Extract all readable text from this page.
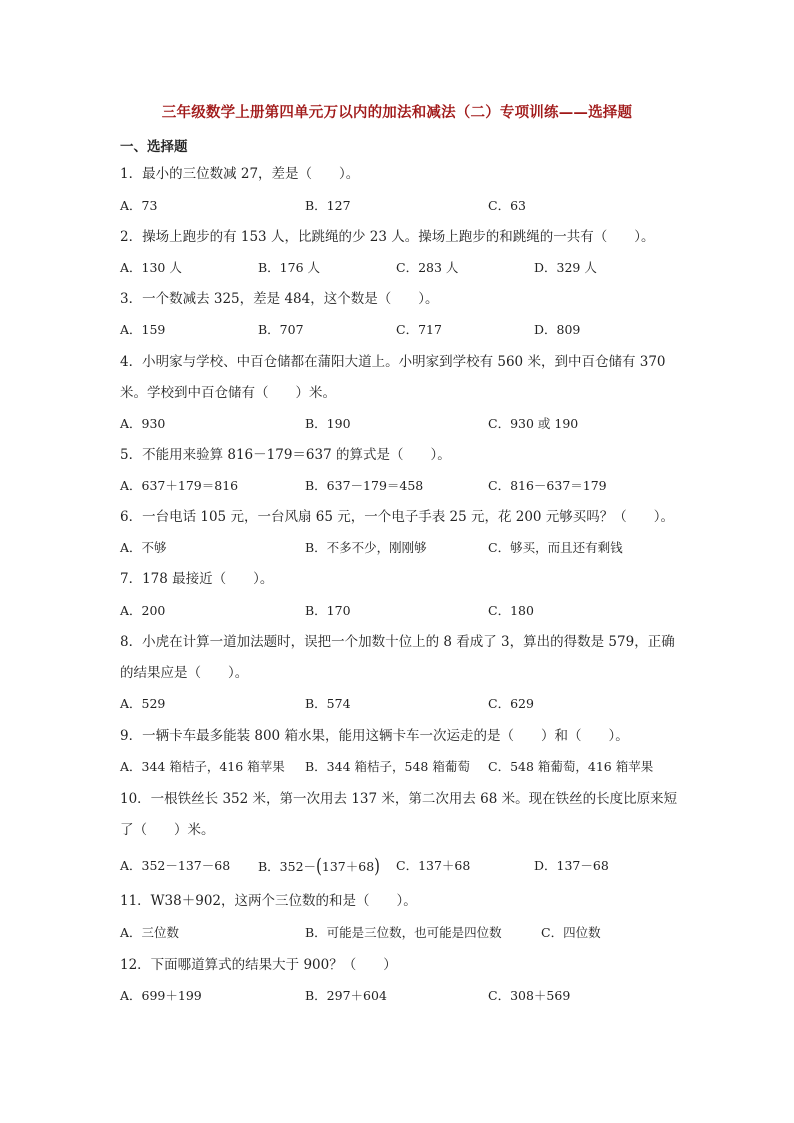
三年级数学上册第四单元万以内的加法和减法（二）专项训练——选择题
一、选择题
1．最小的三位数减 27，差是（　　）。
A．73	B．127	C．63
2．操场上跑步的有 153 人，比跳绳的少 23 人。操场上跑步的和跳绳的一共有（　　）。
A．130 人	B．176 人	C．283 人	D．329 人
3．一个数减去 325，差是 484，这个数是（　　）。
A．159	B．707	C．717	D．809
4．小明家与学校、中百仓储都在蒲阳大道上。小明家到学校有 560 米，到中百仓储有 370
米。学校到中百仓储有（　　）米。
A．930	B．190	C．930 或 190
5．不能用来验算 816－179＝637 的算式是（　　）。
A．637＋179＝816	B．637－179＝458	C．816－637＝179
6．一台电话 105 元，一台风扇 65 元，一个电子手表 25 元，花 200 元够买吗？（　　）。
A．不够	B．不多不少，刚刚够	C．够买，而且还有剩钱
7．178 最接近（　　）。
A．200	B．170	C．180
8．小虎在计算一道加法题时，误把一个加数十位上的 8 看成了 3，算出的得数是 579，正确
的结果应是（　　）。
A．529	B．574	C．629
9．一辆卡车最多能装 800 箱水果，能用这辆卡车一次运走的是（　　）和（　　）。
A．344 箱桔子，416 箱苹果 B．344 箱桔子，548 箱葡萄 C．548 箱葡萄，416 箱苹果
10．一根铁丝长 352 米，第一次用去 137 米，第二次用去 68 米。现在铁丝的长度比原来短
了（　　）米。
A．352－137－68 B．352－(137＋68) C．137＋68	D．137－68
11．W38＋902，这两个三位数的和是（　　）。
A．三位数	B．可能是三位数，也可能是四位数	C．四位数
12．下面哪道算式的结果大于 900？（　　）
A．699＋199	B．297＋604	C．308＋569
